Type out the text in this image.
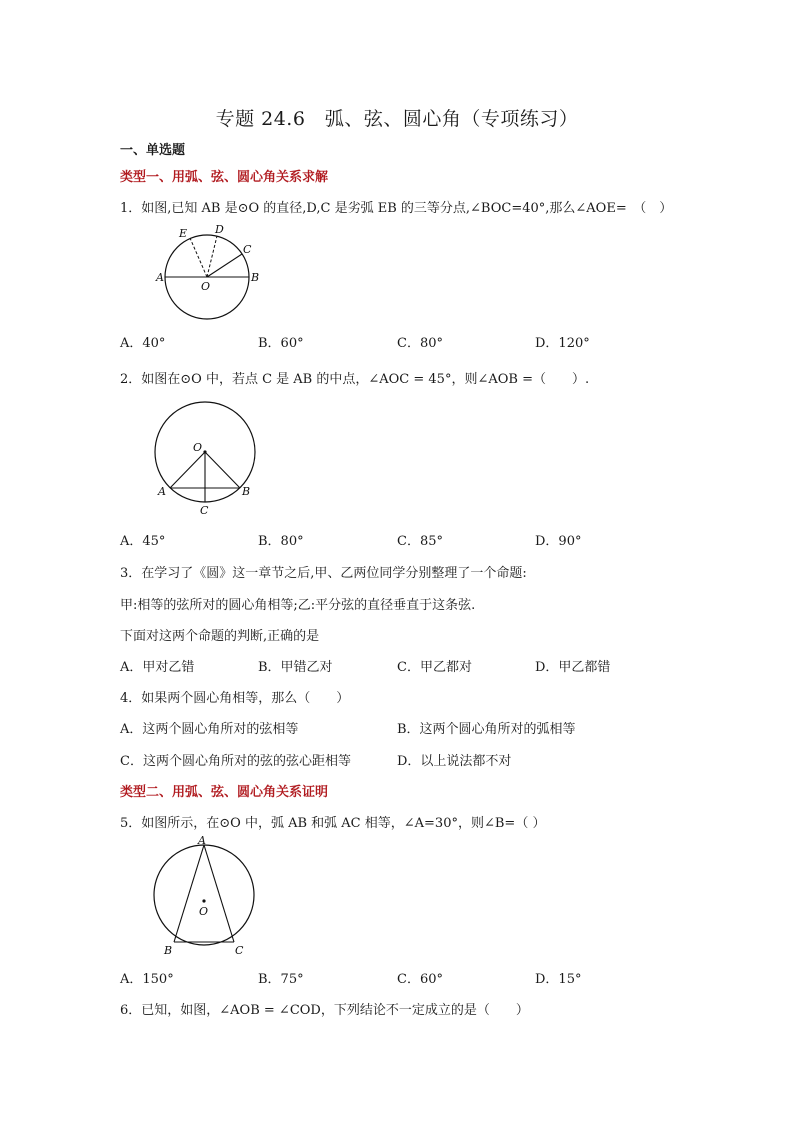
专题 24.6　弧、弦、圆心角（专项练习）
一、单选题
类型一、用弧、弦、圆心角关系求解
1．如图,已知 AB 是⊙O 的直径,D,C 是劣弧 EB 的三等分点,∠BOC=40°,那么∠AOE=　（　）
E	D
C
A	B
O
A．40°	B．60°	C．80°	D．120°
2．如图在⊙O 中，若点 C 是 AB 的中点，∠AOC = 45°，则∠AOB =（　　）.
O
A	B
C
A．45°	B．80°	C．85°	D．90°
3．在学习了《圆》这一章节之后,甲、乙两位同学分别整理了一个命题:
甲:相等的弦所对的圆心角相等;乙:平分弦的直径垂直于这条弦.
下面对这两个命题的判断,正确的是
A．甲对乙错	B．甲错乙对	C．甲乙都对	D．甲乙都错
4．如果两个圆心角相等，那么（　　）
A．这两个圆心角所对的弦相等	B．这两个圆心角所对的弧相等
C．这两个圆心角所对的弦的弦心距相等	D．以上说法都不对
类型二、用弧、弦、圆心角关系证明
5．如图所示，在⊙O 中，弧 AB 和弧 AC 相等，∠A=30°，则∠B=（ ）
A
O
B	C
A．150°	B．75°	C．60°	D．15°
6．已知，如图，∠AOB = ∠COD，下列结论不一定成立的是（　　）
